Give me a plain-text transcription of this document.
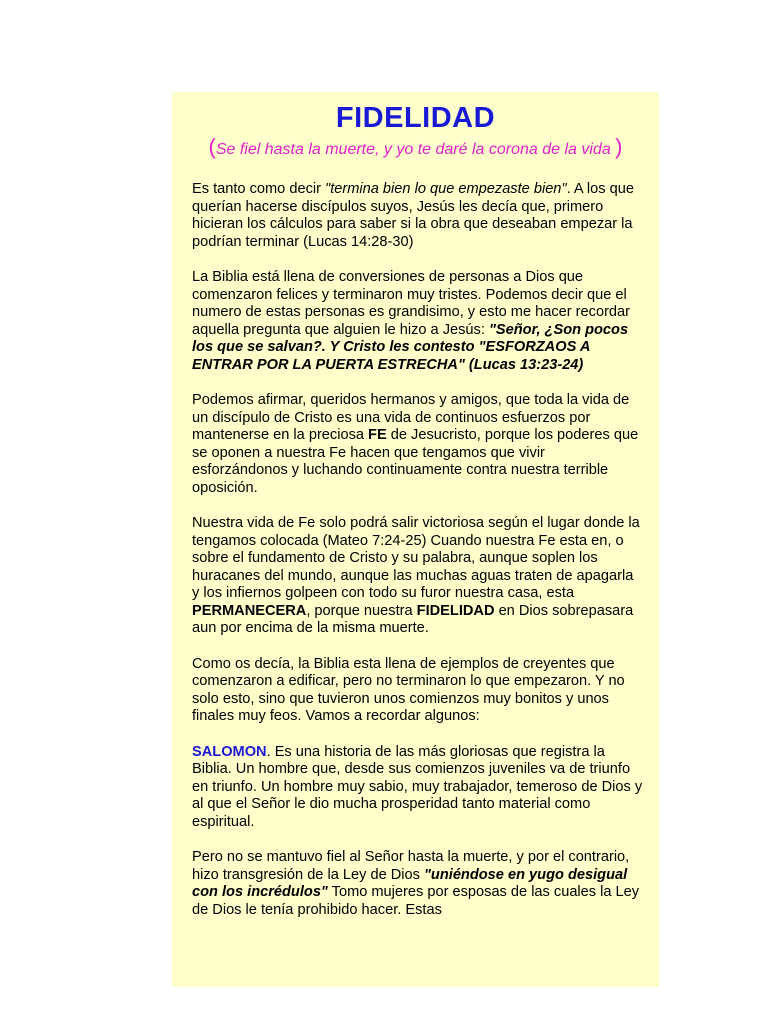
FIDELIDAD
(Se fiel hasta la muerte, y yo te daré la corona de la vida )

Es tanto como decir "termina bien lo que empezaste bien". A los que querían hacerse discípulos suyos, Jesús les decía que, primero hicieran los cálculos para saber si la obra que deseaban empezar la podrían terminar (Lucas 14:28-30)

La Biblia está llena de conversiones de personas a Dios que comenzaron felices y terminaron muy tristes. Podemos decir que el numero de estas personas es grandisimo, y esto me hacer recordar aquella pregunta que alguien le hizo a Jesús: "Señor, ¿Son pocos los que se salvan?. Y Cristo les contesto "ESFORZAOS A ENTRAR POR LA PUERTA ESTRECHA" (Lucas 13:23-24)

Podemos afirmar, queridos hermanos y amigos, que toda la vida de un discípulo de Cristo es una vida de continuos esfuerzos por mantenerse en la preciosa FE de Jesucristo, porque los poderes que se oponen a nuestra Fe hacen que tengamos que vivir esforzándonos y luchando continuamente contra nuestra terrible oposición.

Nuestra vida de Fe solo podrá salir victoriosa según el lugar donde la tengamos colocada (Mateo 7:24-25) Cuando nuestra Fe esta en, o sobre el fundamento de Cristo y su palabra, aunque soplen los huracanes del mundo, aunque las muchas aguas traten de apagarla y los infiernos golpeen con todo su furor nuestra casa, esta PERMANECERA, porque nuestra FIDELIDAD en Dios sobrepasara aun por encima de la misma muerte.

Como os decía, la Biblia esta llena de ejemplos de creyentes que comenzaron a edificar, pero no terminaron lo que empezaron. Y no solo esto, sino que tuvieron unos comienzos muy bonitos y unos finales muy feos. Vamos a recordar algunos:

SALOMON. Es una historia de las más gloriosas que registra la Biblia. Un hombre que, desde sus comienzos juveniles va de triunfo en triunfo. Un hombre muy sabio, muy trabajador, temeroso de Dios y al que el Señor le dio mucha prosperidad tanto material como espiritual.

Pero no se mantuvo fiel al Señor hasta la muerte, y por el contrario, hizo transgresión de la Ley de Dios "uniéndose en yugo desigual con los incrédulos" Tomo mujeres por esposas de las cuales la Ley de Dios le tenía prohibido hacer. Estas
